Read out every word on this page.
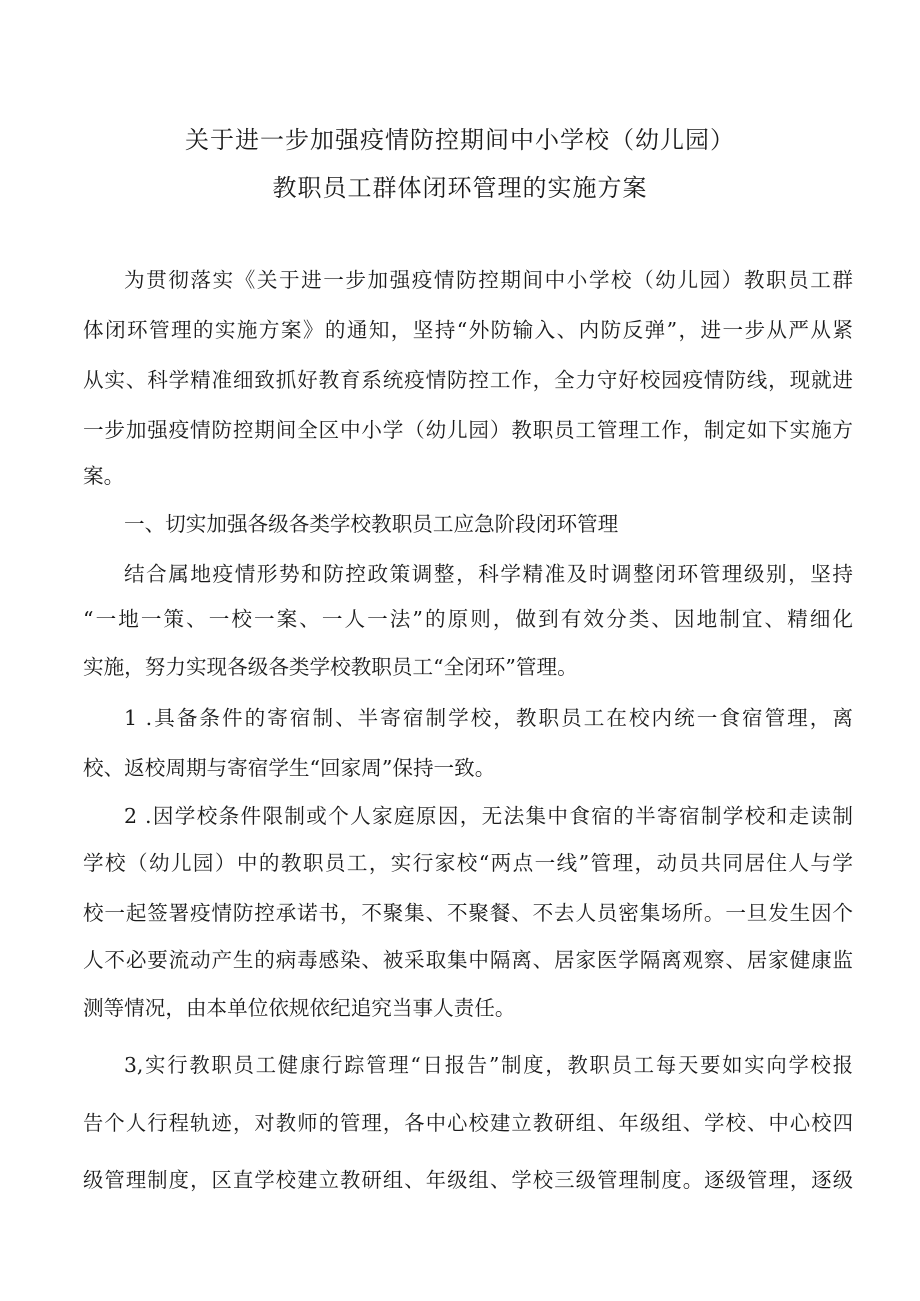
关于进一步加强疫情防控期间中小学校（幼儿园）
教职员工群体闭环管理的实施方案
为贯彻落实《关于进一步加强疫情防控期间中小学校（幼儿园）教职员工群
体闭环管理的实施方案》的通知，坚持“外防输入、内防反弹”，进一步从严从紧
从实、科学精准细致抓好教育系统疫情防控工作，全力守好校园疫情防线，现就进
一步加强疫情防控期间全区中小学（幼儿园）教职员工管理工作，制定如下实施方
案。
一、切实加强各级各类学校教职员工应急阶段闭环管理
结合属地疫情形势和防控政策调整，科学精准及时调整闭环管理级别，坚持
“一地一策、一校一案、一人一法”的原则，做到有效分类、因地制宜、精细化
实施，努力实现各级各类学校教职员工“全闭环”管理。
1 .具备条件的寄宿制、半寄宿制学校，教职员工在校内统一食宿管理，离
校、返校周期与寄宿学生“回家周”保持一致。
2 .因学校条件限制或个人家庭原因，无法集中食宿的半寄宿制学校和走读制
学校（幼儿园）中的教职员工，实行家校“两点一线”管理，动员共同居住人与学
校一起签署疫情防控承诺书，不聚集、不聚餐、不去人员密集场所。一旦发生因个
人不必要流动产生的病毒感染、被采取集中隔离、居家医学隔离观察、居家健康监
测等情况，由本单位依规依纪追究当事人责任。
3,实行教职员工健康行踪管理“日报告”制度，教职员工每天要如实向学校报
告个人行程轨迹，对教师的管理，各中心校建立教研组、年级组、学校、中心校四
级管理制度，区直学校建立教研组、年级组、学校三级管理制度。逐级管理，逐级
